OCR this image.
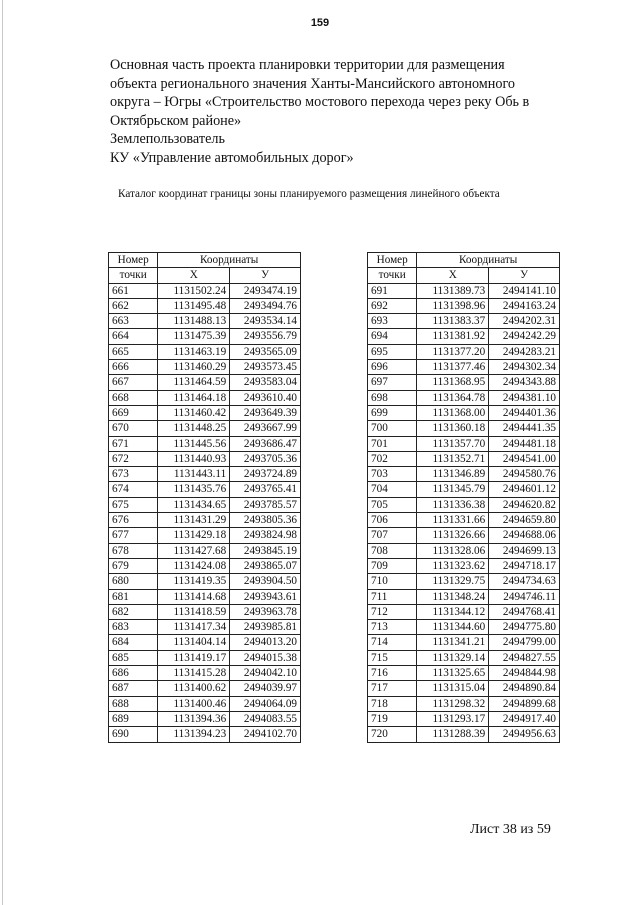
159
Основная часть проекта планировки территории для размещения
объекта регионального значения Ханты-Мансийского автономного
округа – Югры «Строительство мостового перехода через реку Обь в
Октябрьском районе»
Землепользователь
КУ «Управление автомобильных дорог»
Каталог координат границы зоны планируемого размещения линейного объекта
Номер	Координаты	
точки	X	У
661	1131502.24	2493474.19
662	1131495.48	2493494.76
663	1131488.13	2493534.14
664	1131475.39	2493556.79
665	1131463.19	2493565.09
666	1131460.29	2493573.45
667	1131464.59	2493583.04
668	1131464.18	2493610.40
669	1131460.42	2493649.39
670	1131448.25	2493667.99
671	1131445.56	2493686.47
672	1131440.93	2493705.36
673	1131443.11	2493724.89
674	1131435.76	2493765.41
675	1131434.65	2493785.57
676	1131431.29	2493805.36
677	1131429.18	2493824.98
678	1131427.68	2493845.19
679	1131424.08	2493865.07
680	1131419.35	2493904.50
681	1131414.68	2493943.61
682	1131418.59	2493963.78
683	1131417.34	2493985.81
684	1131404.14	2494013.20
685	1131419.17	2494015.38
686	1131415.28	2494042.10
687	1131400.62	2494039.97
688	1131400.46	2494064.09
689	1131394.36	2494083.55
690	1131394.23	2494102.70
Номер	Координаты	
точки	X	У
691	1131389.73	2494141.10
692	1131398.96	2494163.24
693	1131383.37	2494202.31
694	1131381.92	2494242.29
695	1131377.20	2494283.21
696	1131377.46	2494302.34
697	1131368.95	2494343.88
698	1131364.78	2494381.10
699	1131368.00	2494401.36
700	1131360.18	2494441.35
701	1131357.70	2494481.18
702	1131352.71	2494541.00
703	1131346.89	2494580.76
704	1131345.79	2494601.12
705	1131336.38	2494620.82
706	1131331.66	2494659.80
707	1131326.66	2494688.06
708	1131328.06	2494699.13
709	1131323.62	2494718.17
710	1131329.75	2494734.63
711	1131348.24	2494746.11
712	1131344.12	2494768.41
713	1131344.60	2494775.80
714	1131341.21	2494799.00
715	1131329.14	2494827.55
716	1131325.65	2494844.98
717	1131315.04	2494890.84
718	1131298.32	2494899.68
719	1131293.17	2494917.40
720	1131288.39	2494956.63
Лист 38 из 59
